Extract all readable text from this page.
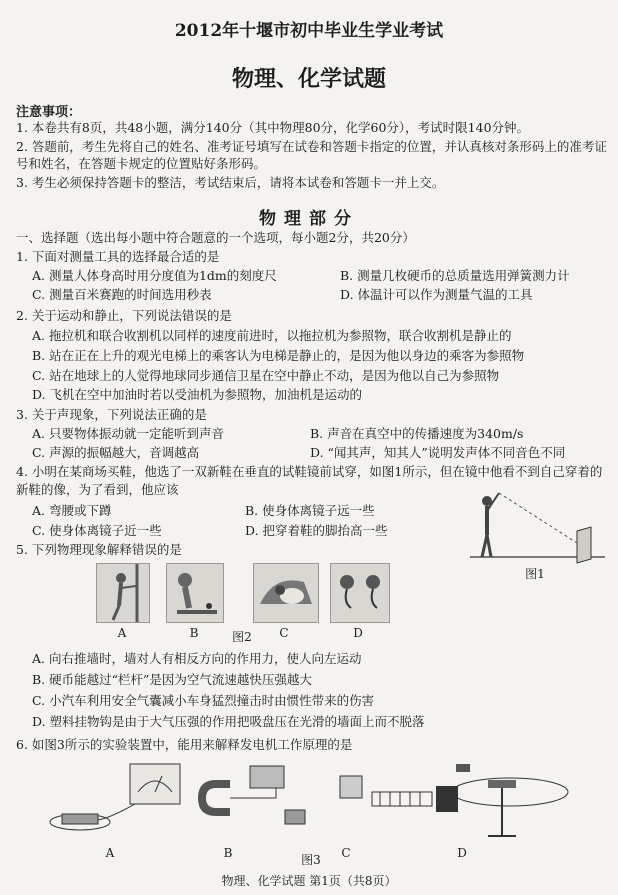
2012年十堰市初中毕业生学业考试
物理、化学试题
注意事项：
1. 本卷共有8页，共48小题，满分140分（其中物理80分，化学60分），考试时限140分钟。
2. 答题前，考生先将自己的姓名、准考证号填写在试卷和答题卡指定的位置，并认真核对条形码上的准考证号和姓名，在答题卡规定的位置贴好条形码。
3. 考生必须保持答题卡的整洁，考试结束后，请将本试卷和答题卡一并上交。
物理部分
一、选择题（选出每小题中符合题意的一个选项，每小题2分，共20分）
1. 下面对测量工具的选择最合适的是
A. 测量人体身高时用分度值为1dm的刻度尺	B. 测量几枚硬币的总质量选用弹簧测力计
C. 测量百米赛跑的时间选用秒表	D. 体温计可以作为测量气温的工具
2. 关于运动和静止，下列说法错误的是
A. 拖拉机和联合收割机以同样的速度前进时，以拖拉机为参照物，联合收割机是静止的
B. 站在正在上升的观光电梯上的乘客认为电梯是静止的，是因为他以身边的乘客为参照物
C. 站在地球上的人觉得地球同步通信卫星在空中静止不动，是因为他以自己为参照物
D. 飞机在空中加油时若以受油机为参照物，加油机是运动的
3. 关于声现象，下列说法正确的是
A. 只要物体振动就一定能听到声音	B. 声音在真空中的传播速度为340m/s
C. 声源的振幅越大，音调越高	D. “闻其声，知其人”说明发声体不同音色不同
4. 小明在某商场买鞋，他选了一双新鞋在垂直的试鞋镜前试穿，如图1所示，但在镜中他看不到自己穿着的新鞋的像，为了看到，他应该
A. 弯腰或下蹲	B. 使身体离镜子远一些
C. 使身体离镜子近一些	D. 把穿着鞋的脚抬高一些
图1
5. 下列物理现象解释错误的是
A	B	图2	C	D
A. 向右推墙时，墙对人有相反方向的作用力，使人向左运动
B. 硬币能越过“栏杆”是因为空气流速越快压强越大
C. 小汽车利用安全气囊减小车身猛烈撞击时由惯性带来的伤害
D. 塑料挂物钩是由于大气压强的作用把吸盘压在光滑的墙面上而不脱落
6. 如图3所示的实验装置中，能用来解释发电机工作原理的是
A	B	图3	C	D
物理、化学试题 第1页（共8页）
